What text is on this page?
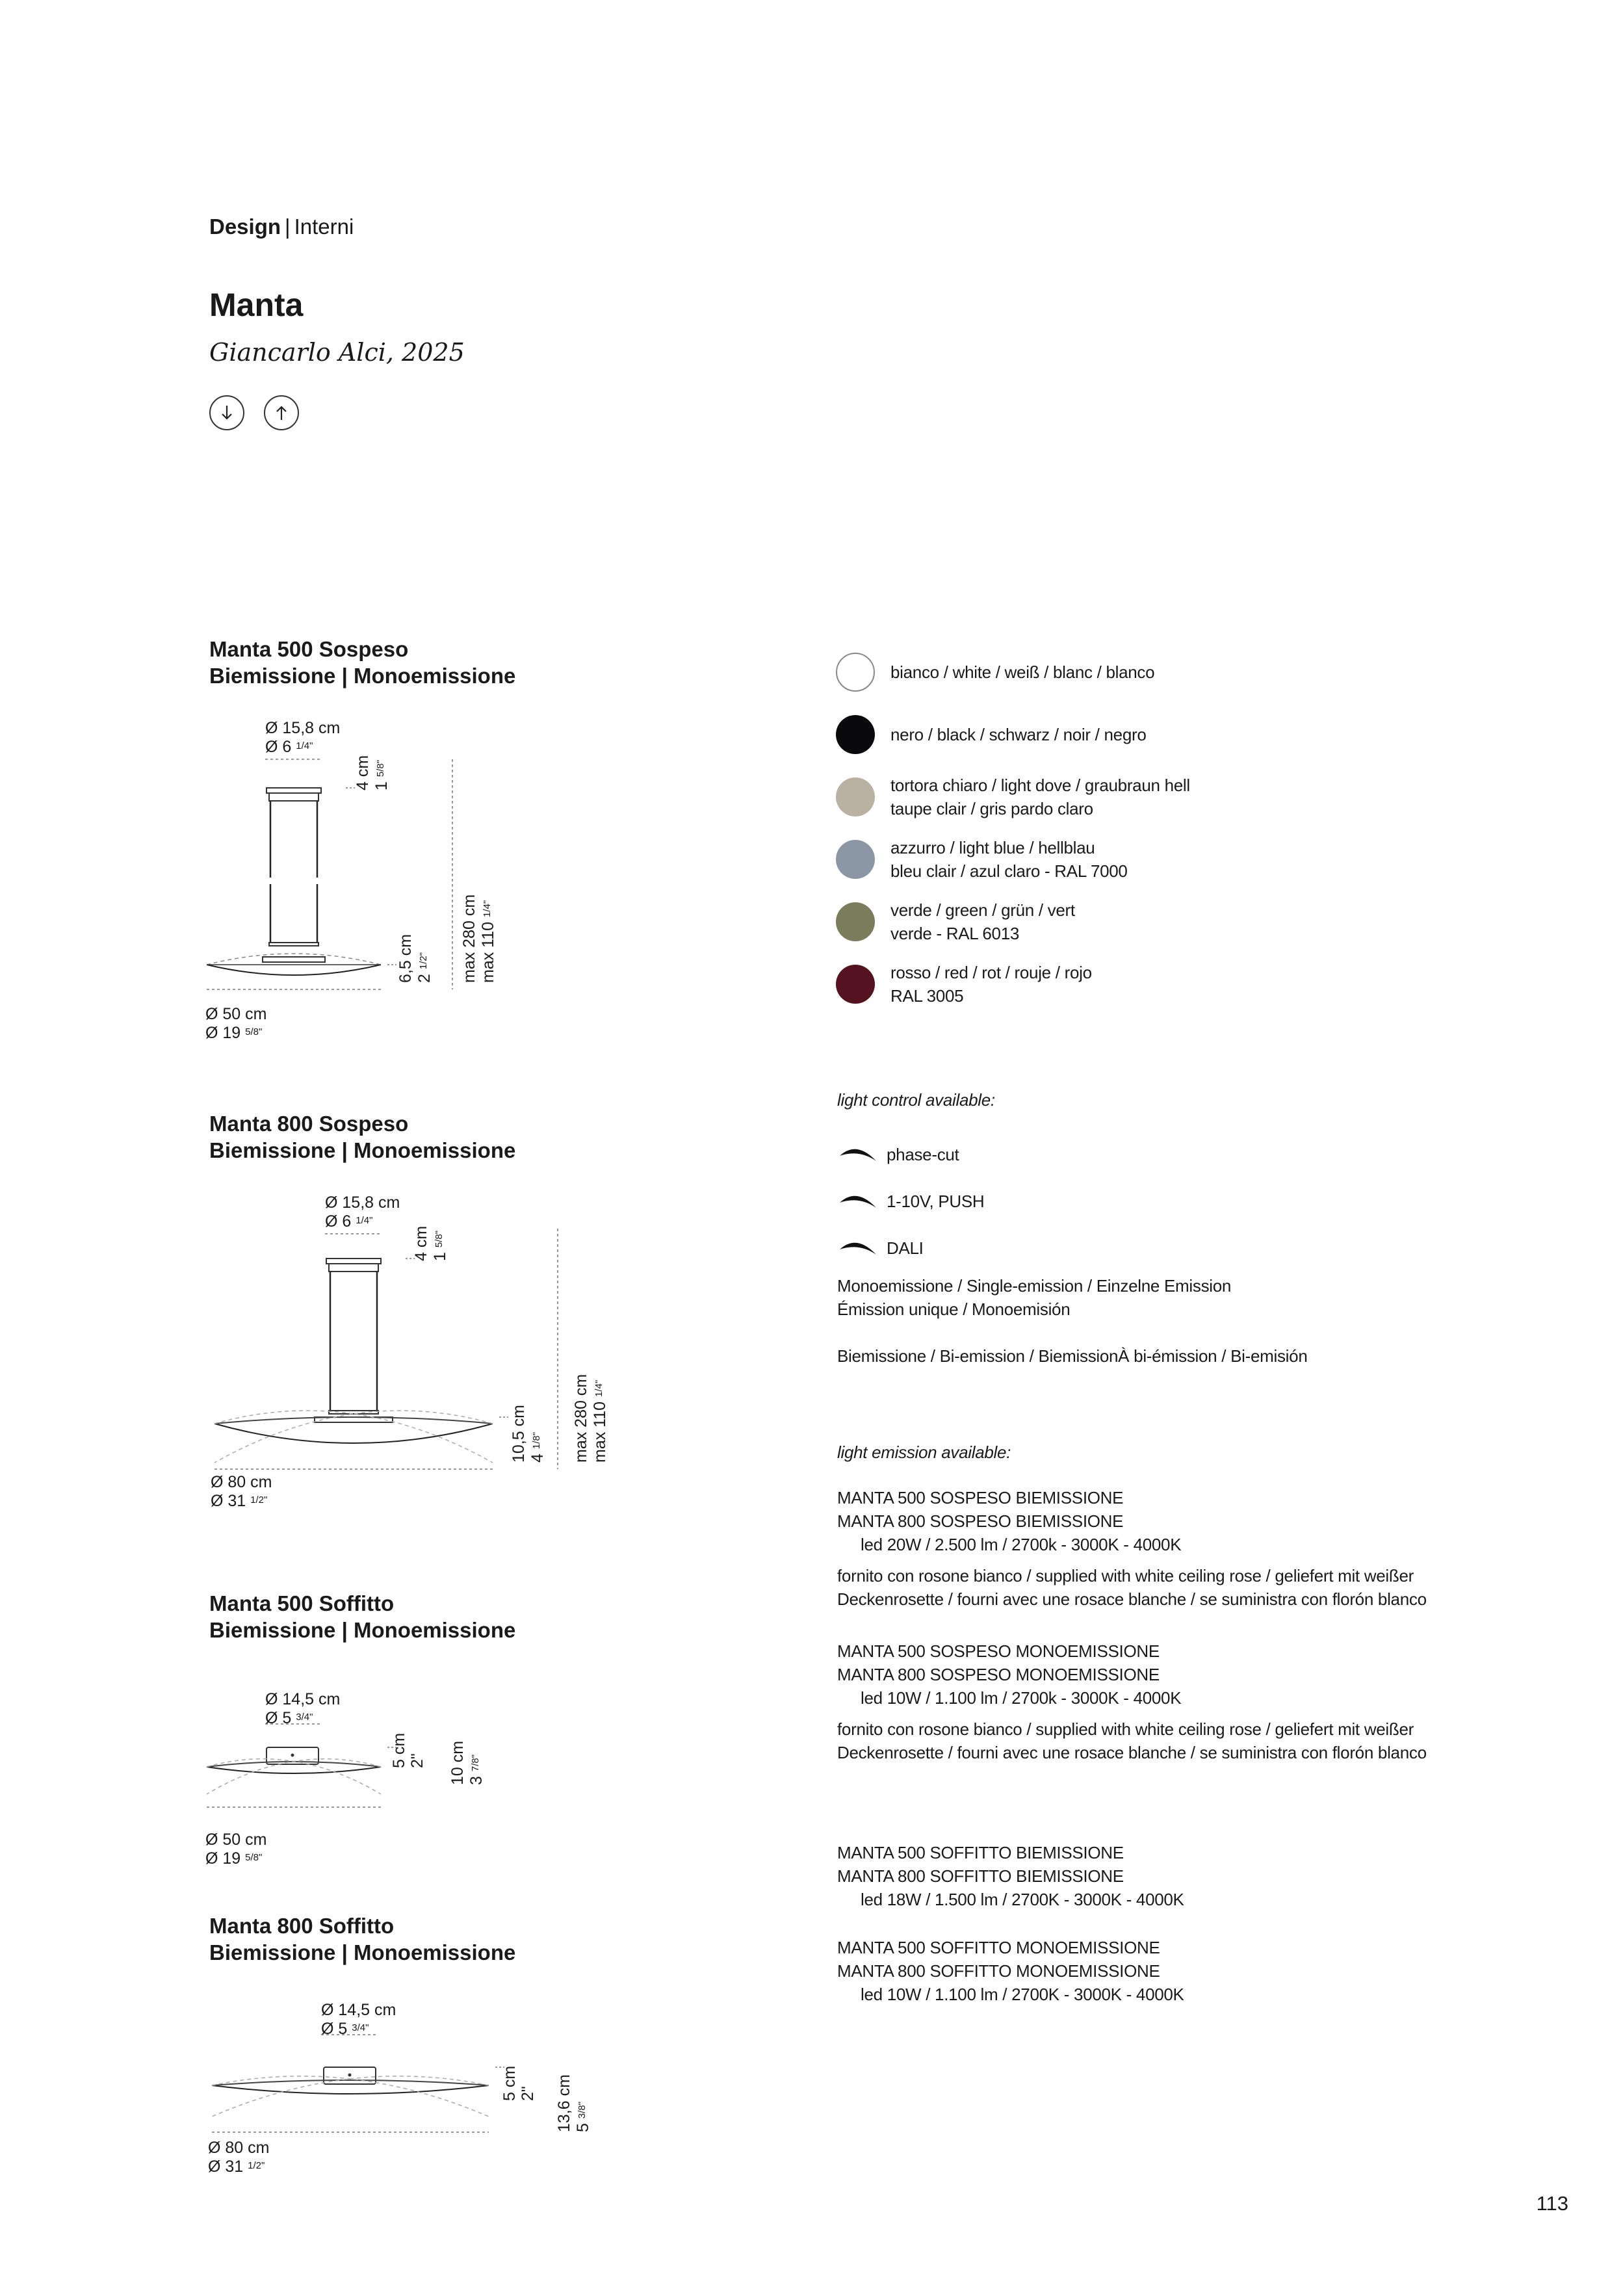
Design | Interni
Manta
Giancarlo Alci, 2025
Manta 500 Sospeso
Biemissione | Monoemissione
Ø 15,8 cm
Ø 6 $^{1/4"}$
4 cm 1 $^{5/8"}$
6,5 cm 2 $^{1/2"}$ max 280 cm max 110 $^{1/4"}$
Ø 50 cm
Ø 19 $^{5/8"}$
Manta 800 Sospeso
Biemissione | Monoemissione
Ø 15,8 cm
Ø 6 $^{1/4"}$
4 cm 1 $^{5/8"}$
10,5 cm 4 $^{1/8"}$ max 280 cm max 110 $^{1/4"}$
Ø 80 cm
Ø 31 $^{1/2"}$
Manta 500 Soffitto
Biemissione | Monoemissione
Ø 14,5 cm
Ø 5 $^{3/4"}$
5 cm 2" 10 cm 3 $^{7/8"}$
Ø 50 cm
Ø 19 $^{5/8"}$
Manta 800 Soffitto
Biemissione | Monoemissione
Ø 14,5 cm
Ø 5 $^{3/4"}$
5 cm 2" 13,6 cm 5 $^{3/8"}$
Ø 80 cm
Ø 31 $^{1/2"}$
bianco / white / weiß / blanc / blanco
nero / black / schwarz / noir / negro
tortora chiaro / light dove / graubraun hell
taupe clair / gris pardo claro
azzurro / light blue / hellblau
bleu clair / azul claro - RAL 7000
verde / green / grün / vert
verde - RAL 6013
rosso / red / rot / rouje / rojo
RAL 3005
light control available:
phase-cut
1-10V, PUSH
DALI
Monoemissione / Single-emission / Einzelne Emission
Émission unique / Monoemisión
Biemissione / Bi-emission / BiemissionÀ bi-émission / Bi-emisión
light emission available:
MANTA 500 SOSPESO BIEMISSIONE
MANTA 800 SOSPESO BIEMISSIONE
led 20W / 2.500 lm / 2700k - 3000K - 4000K
fornito con rosone bianco / supplied with white ceiling rose / geliefert mit weißer
Deckenrosette / fourni avec une rosace blanche / se suministra con florón blanco
MANTA 500 SOSPESO MONOEMISSIONE
MANTA 800 SOSPESO MONOEMISSIONE
led 10W / 1.100 lm / 2700k - 3000K - 4000K
fornito con rosone bianco / supplied with white ceiling rose / geliefert mit weißer
Deckenrosette / fourni avec une rosace blanche / se suministra con florón blanco
MANTA 500 SOFFITTO BIEMISSIONE
MANTA 800 SOFFITTO BIEMISSIONE
led 18W / 1.500 lm / 2700K - 3000K - 4000K
MANTA 500 SOFFITTO MONOEMISSIONE
MANTA 800 SOFFITTO MONOEMISSIONE
led 10W / 1.100 lm / 2700K - 3000K - 4000K
113
